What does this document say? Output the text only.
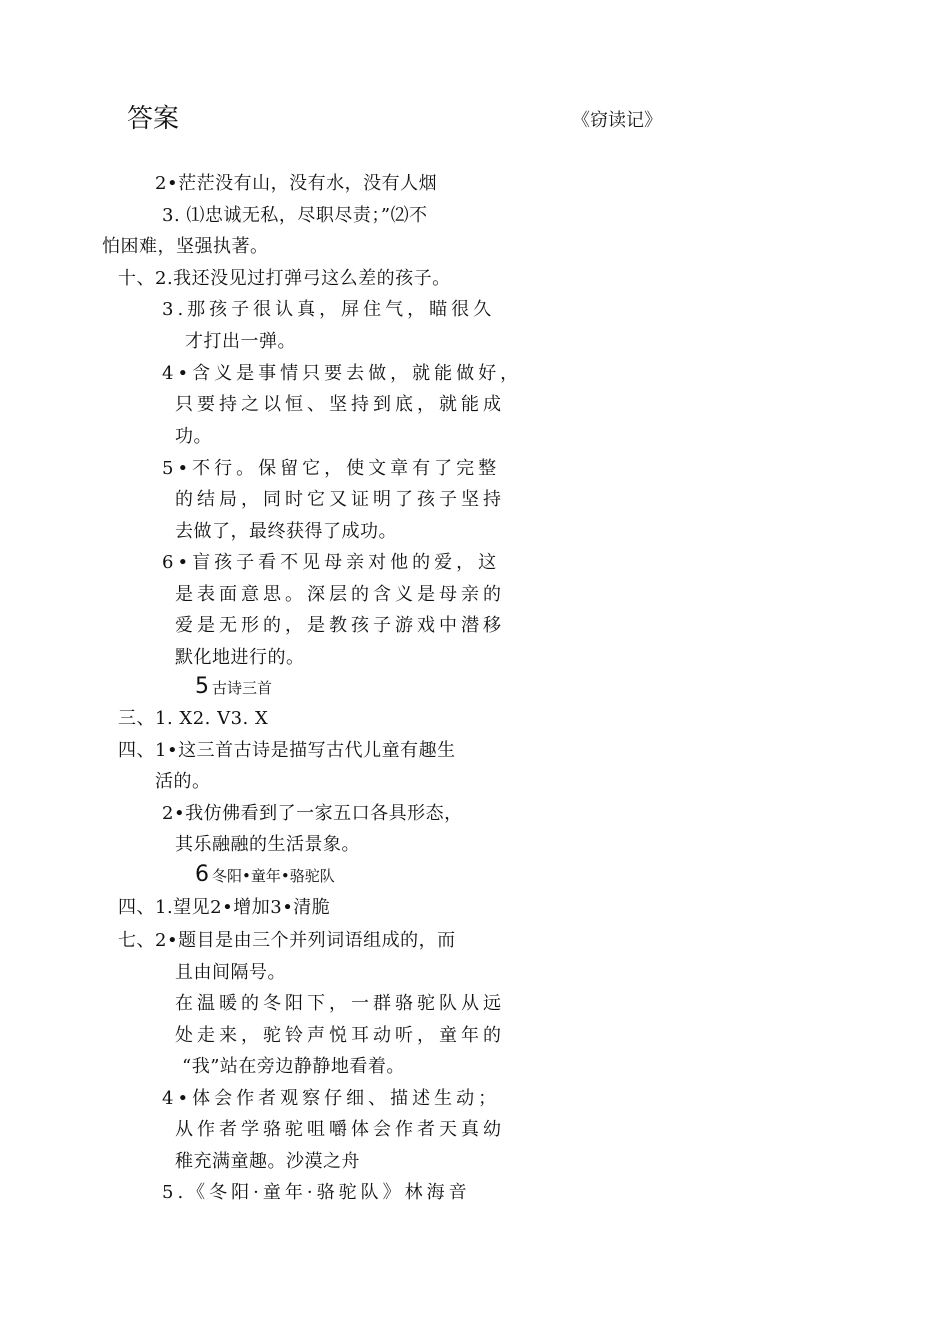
答案	《窃读记》
2•茫茫没有山，没有水，没有人烟
3. ⑴忠诚无私，尽职尽责；”⑵不
怕困难，坚强执著。
十、2.我还没见过打弹弓这么差的孩子。
3.那孩子很认真，屏住气，瞄很久
才打出一弹。
4•含义是事情只要去做，就能做好，
只要持之以恒、坚持到底，就能成
功。
5•不行。保留它，使文章有了完整
的结局，同时它又证明了孩子坚持
去做了，最终获得了成功。
6•盲孩子看不见母亲对他的爱，这
是表面意思。深层的含义是母亲的
爱是无形的，是教孩子游戏中潜移
默化地进行的。
5 古诗三首
三、1. X2. V3. X
四、1•这三首古诗是描写古代儿童有趣生
活的。
2•我仿佛看到了一家五口各具形态，
其乐融融的生活景象。
6 冬阳•童年•骆驼队
四、1.望见2•增加3•清脆
七、2•题目是由三个并列词语组成的，而
且由间隔号。
在温暖的冬阳下，一群骆驼队从远
处走来，驼铃声悦耳动听，童年的
“我”站在旁边静静地看着。
4•体会作者观察仔细、描述生动；
从作者学骆驼咀嚼体会作者天真幼
稚充满童趣。沙漠之舟
5.《冬阳·童年·骆驼队》林海音
